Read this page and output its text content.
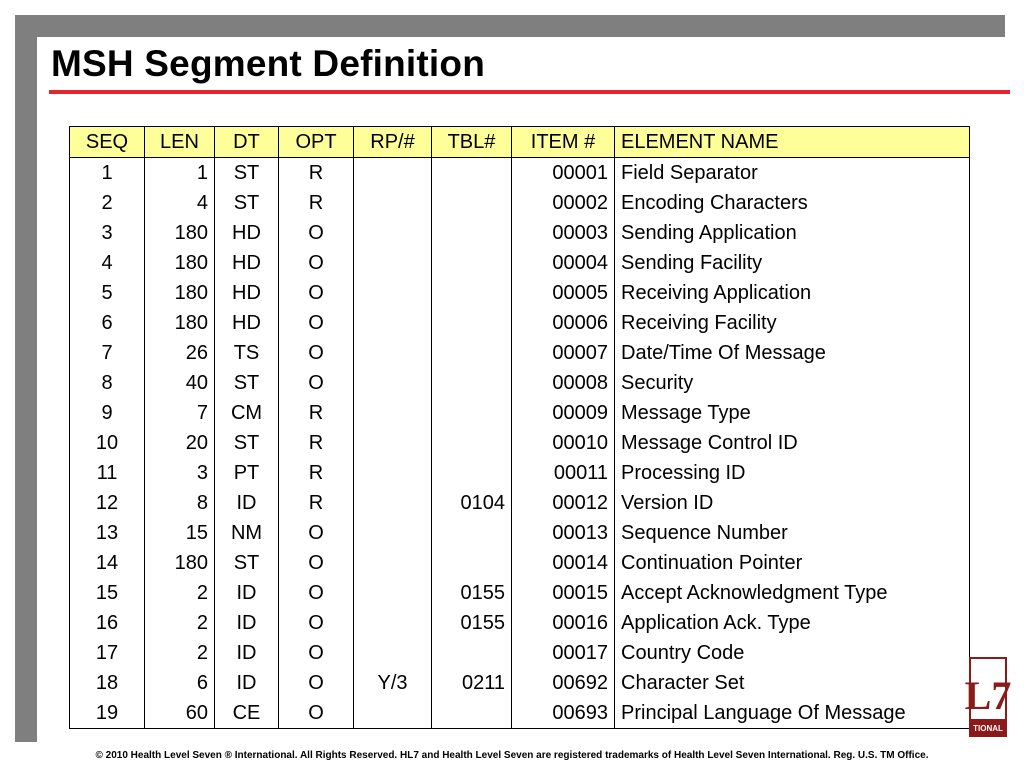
MSH Segment Definition
SEQ	LEN	DT	OPT	RP/#	TBL#	ITEM #	ELEMENT NAME
1	1	ST	R			00001	Field Separator
2	4	ST	R			00002	Encoding Characters
3	180	HD	O			00003	Sending Application
4	180	HD	O			00004	Sending Facility
5	180	HD	O			00005	Receiving Application
6	180	HD	O			00006	Receiving Facility
7	26	TS	O			00007	Date/Time Of Message
8	40	ST	O			00008	Security
9	7	CM	R			00009	Message Type
10	20	ST	R			00010	Message Control ID
11	3	PT	R			00011	Processing ID
12	8	ID	R		0104	00012	Version ID
13	15	NM	O			00013	Sequence Number
14	180	ST	O			00014	Continuation Pointer
15	2	ID	O		0155	00015	Accept Acknowledgment Type
16	2	ID	O		0155	00016	Application Ack. Type
17	2	ID	O			00017	Country Code
18	6	ID	O	Y/3	0211	00692	Character Set
19	60	CE	O			00693	Principal Language Of Message L7
TIONAL
© 2010 Health Level Seven ® International. All Rights Reserved. HL7 and Health Level Seven are registered trademarks of Health Level Seven International. Reg. U.S. TM Office.
